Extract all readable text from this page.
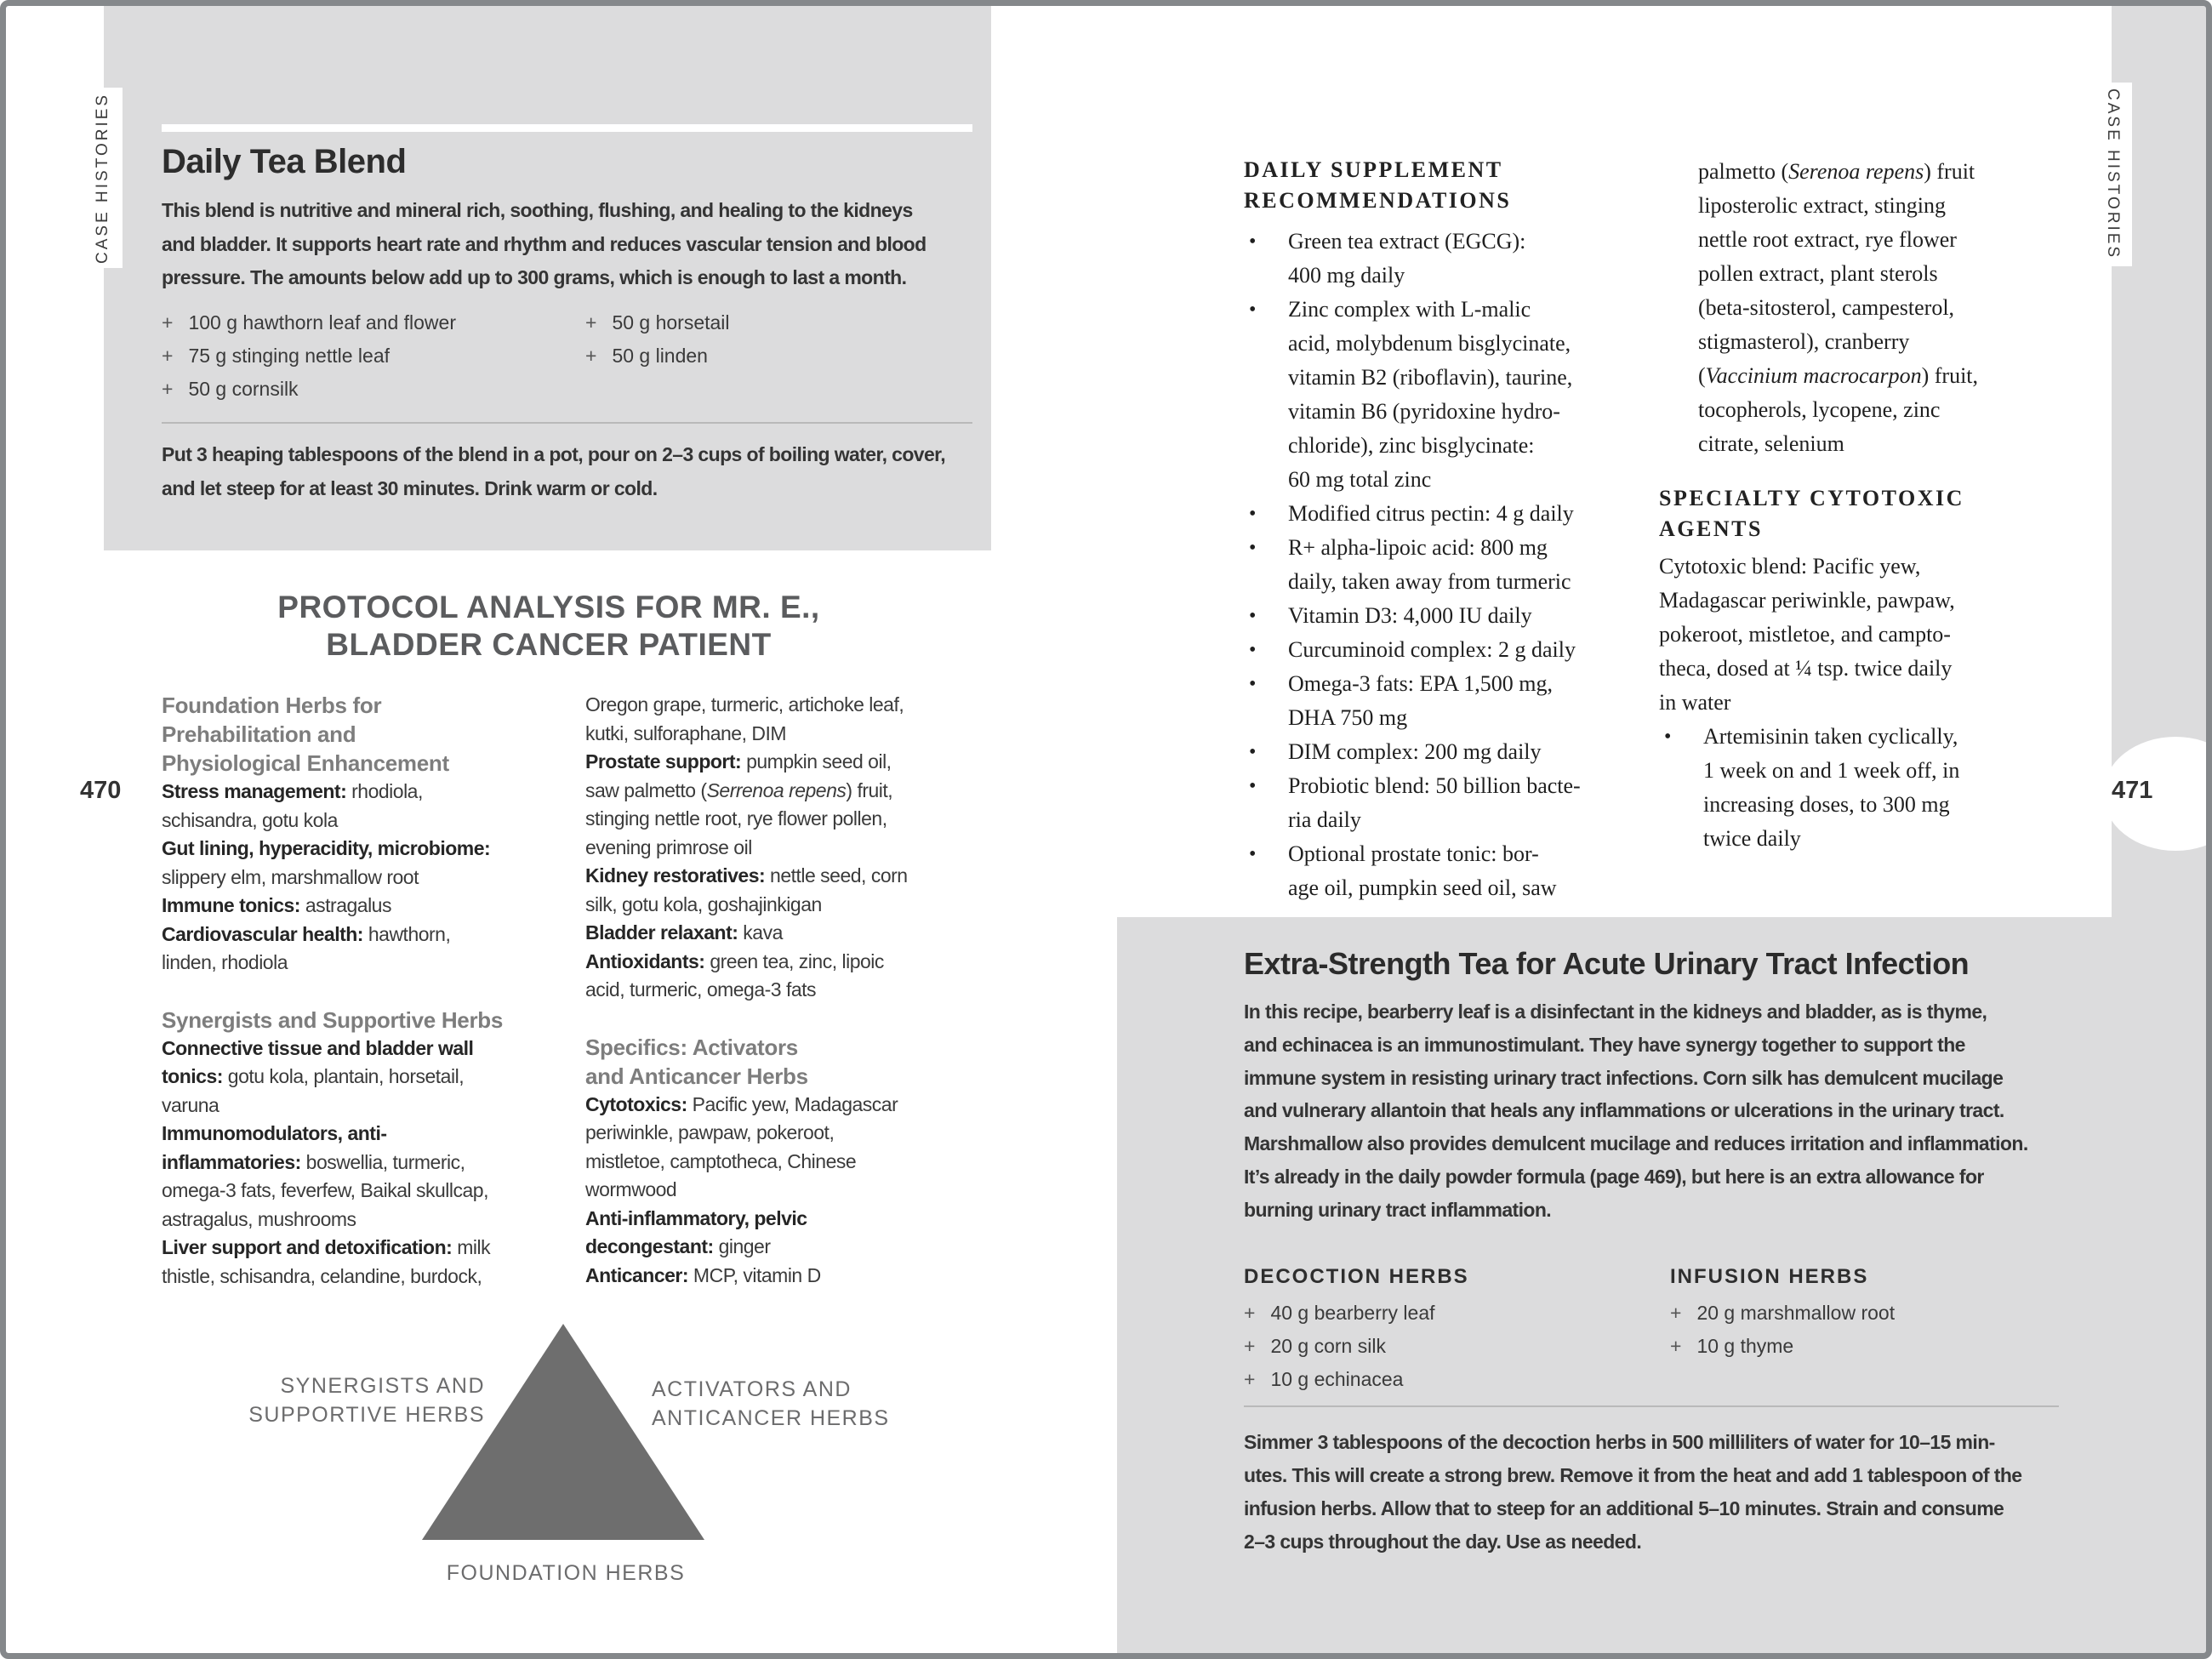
CASE HISTORIES	CASE HISTORIES
470	471
Daily Tea Blend
This blend is nutritive and mineral rich, soothing, flushing, and healing to the kidneys
and bladder. It supports heart rate and rhythm and reduces vascular tension and blood
pressure. The amounts below add up to 300 grams, which is enough to last a month.
+ 100 g hawthorn leaf and flower
+ 75 g stinging nettle leaf
+ 50 g cornsilk
+ 50 g horsetail
+ 50 g linden
Put 3 heaping tablespoons of the blend in a pot, pour on 2–3 cups of boiling water, cover,
and let steep for at least 30 minutes. Drink warm or cold.
PROTOCOL ANALYSIS FOR MR. E.,
BLADDER CANCER PATIENT
Foundation Herbs for
Prehabilitation and
Physiological Enhancement
Stress management: rhodiola,
schisandra, gotu kola
Gut lining, hyperacidity, microbiome:
slippery elm, marshmallow root
Immune tonics: astragalus
Cardiovascular health: hawthorn,
linden, rhodiola
Synergists and Supportive Herbs
Connective tissue and bladder wall
tonics: gotu kola, plantain, horsetail,
varuna
Immunomodulators, anti-
inflammatories: boswellia, turmeric,
omega-3 fats, feverfew, Baikal skullcap,
astragalus, mushrooms
Liver support and detoxification: milk
thistle, schisandra, celandine, burdock,
Oregon grape, turmeric, artichoke leaf,
kutki, sulforaphane, DIM
Prostate support: pumpkin seed oil,
saw palmetto (Serrenoa repens) fruit,
stinging nettle root, rye flower pollen,
evening primrose oil
Kidney restoratives: nettle seed, corn
silk, gotu kola, goshajinkigan
Bladder relaxant: kava
Antioxidants: green tea, zinc, lipoic
acid, turmeric, omega-3 fats
Specifics: Activators
and Anticancer Herbs
Cytotoxics: Pacific yew, Madagascar
periwinkle, pawpaw, pokeroot,
mistletoe, camptotheca, Chinese
wormwood
Anti-inflammatory, pelvic
decongestant: ginger
Anticancer: MCP, vitamin D
SYNERGISTS AND
SUPPORTIVE HERBS
ACTIVATORS AND
ANTICANCER HERBS
FOUNDATION HERBS
DAILY SUPPLEMENT
RECOMMENDATIONS
•	Green tea extract (EGCG):
400 mg daily
•	Zinc complex with L-malic
acid, molybdenum bisglycinate,
vitamin B2 (riboflavin), taurine,
vitamin B6 (pyridoxine hydro-
chloride), zinc bisglycinate:
60 mg total zinc
•	Modified citrus pectin: 4 g daily
•	R+ alpha-lipoic acid: 800 mg
daily, taken away from turmeric
•	Vitamin D3: 4,000 IU daily
•	Curcuminoid complex: 2 g daily
•	Omega-3 fats: EPA 1,500 mg,
DHA 750 mg
•	DIM complex: 200 mg daily
•	Probiotic blend: 50 billion bacte-
ria daily
•	Optional prostate tonic: bor-
age oil, pumpkin seed oil, saw
palmetto (Serenoa repens) fruit
liposterolic extract, stinging
nettle root extract, rye flower
pollen extract, plant sterols
(beta-sitosterol, campesterol,
stigmasterol), cranberry
(Vaccinium macrocarpon) fruit,
tocopherols, lycopene, zinc
citrate, selenium
SPECIALTY CYTOTOXIC
AGENTS
Cytotoxic blend: Pacific yew,
Madagascar periwinkle, pawpaw,
pokeroot, mistletoe, and campto-
theca, dosed at ¼ tsp. twice daily
in water
•	Artemisinin taken cyclically,
1 week on and 1 week off, in
increasing doses, to 300 mg
twice daily
Extra-Strength Tea for Acute Urinary Tract Infection
In this recipe, bearberry leaf is a disinfectant in the kidneys and bladder, as is thyme,
and echinacea is an immunostimulant. They have synergy together to support the
immune system in resisting urinary tract infections. Corn silk has demulcent mucilage
and vulnerary allantoin that heals any inflammations or ulcerations in the urinary tract.
Marshmallow also provides demulcent mucilage and reduces irritation and inflammation.
It’s already in the daily powder formula (page 469), but here is an extra allowance for
burning urinary tract inflammation.
DECOCTION HERBS
+ 40 g bearberry leaf
+ 20 g corn silk
+ 10 g echinacea
INFUSION HERBS
+ 20 g marshmallow root
+ 10 g thyme
Simmer 3 tablespoons of the decoction herbs in 500 milliliters of water for 10–15 min-
utes. This will create a strong brew. Remove it from the heat and add 1 tablespoon of the
infusion herbs. Allow that to steep for an additional 5–10 minutes. Strain and consume
2–3 cups throughout the day. Use as needed.
